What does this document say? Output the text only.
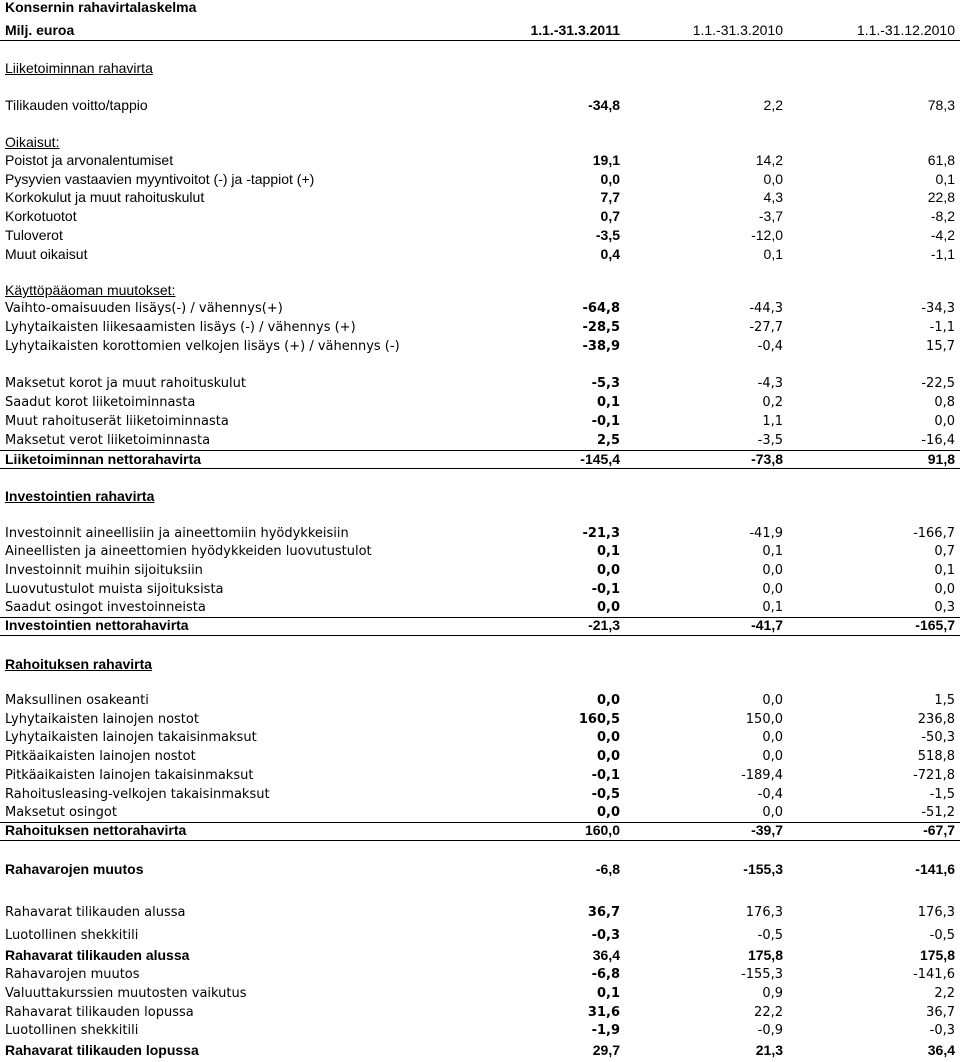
Konsernin rahavirtalaskelma
Milj. euroa	1.1.-31.3.2011	1.1.-31.3.2010	1.1.-31.12.2010
Liiketoiminnan rahavirta
Tilikauden voitto/tappio	-34,8	2,2	78,3
Oikaisut:
Poistot ja arvonalentumiset	19,1	14,2	61,8
Pysyvien vastaavien myyntivoitot (-) ja -tappiot (+)	0,0	0,0	0,1
Korkokulut ja muut rahoituskulut	7,7	4,3	22,8
Korkotuotot	0,7	-3,7	-8,2
Tuloverot	-3,5	-12,0	-4,2
Muut oikaisut	0,4	0,1	-1,1
Käyttöpääoman muutokset:
Vaihto-omaisuuden lisäys(-) / vähennys(+)	-64,8	-44,3	-34,3
Lyhytaikaisten liikesaamisten lisäys (-) / vähennys (+)	-28,5	-27,7	-1,1
Lyhytaikaisten korottomien velkojen lisäys (+) / vähennys (-)	-38,9	-0,4	15,7
Maksetut korot ja muut rahoituskulut	-5,3	-4,3	-22,5
Saadut korot liiketoiminnasta	0,1	0,2	0,8
Muut rahoituserät liiketoiminnasta	-0,1	1,1	0,0
Maksetut verot liiketoiminnasta	2,5	-3,5	-16,4
Liiketoiminnan nettorahavirta	-145,4	-73,8	91,8
Investointien rahavirta
Investoinnit aineellisiin ja aineettomiin hyödykkeisiin	-21,3	-41,9	-166,7
Aineellisten ja aineettomien hyödykkeiden luovutustulot	0,1	0,1	0,7
Investoinnit muihin sijoituksiin	0,0	0,0	0,1
Luovutustulot muista sijoituksista	-0,1	0,0	0,0
Saadut osingot investoinneista	0,0	0,1	0,3
Investointien nettorahavirta	-21,3	-41,7	-165,7
Rahoituksen rahavirta
Maksullinen osakeanti	0,0	0,0	1,5
Lyhytaikaisten lainojen nostot	160,5	150,0	236,8
Lyhytaikaisten lainojen takaisinmaksut	0,0	0,0	-50,3
Pitkäaikaisten lainojen nostot	0,0	0,0	518,8
Pitkäaikaisten lainojen takaisinmaksut	-0,1	-189,4	-721,8
Rahoitusleasing-velkojen takaisinmaksut	-0,5	-0,4	-1,5
Maksetut osingot	0,0	0,0	-51,2
Rahoituksen nettorahavirta	160,0	-39,7	-67,7
Rahavarojen muutos	-6,8	-155,3	-141,6
Rahavarat tilikauden alussa	36,7	176,3	176,3
Luotollinen shekkitili	-0,3	-0,5	-0,5
Rahavarat tilikauden alussa	36,4	175,8	175,8
Rahavarojen muutos	-6,8	-155,3	-141,6
Valuuttakurssien muutosten vaikutus	0,1	0,9	2,2
Rahavarat tilikauden lopussa	31,6	22,2	36,7
Luotollinen shekkitili	-1,9	-0,9	-0,3
Rahavarat tilikauden lopussa	29,7	21,3	36,4
